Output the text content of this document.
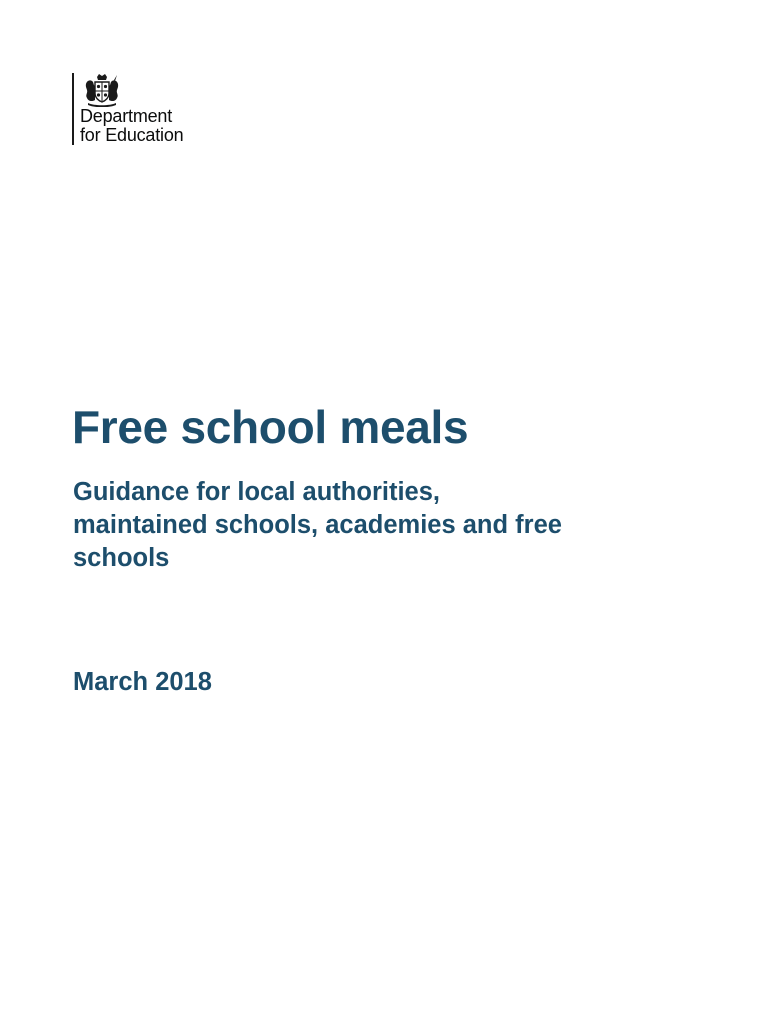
Department
for Education
Free school meals

Guidance for local authorities,
maintained schools, academies and free
schools

March 2018
